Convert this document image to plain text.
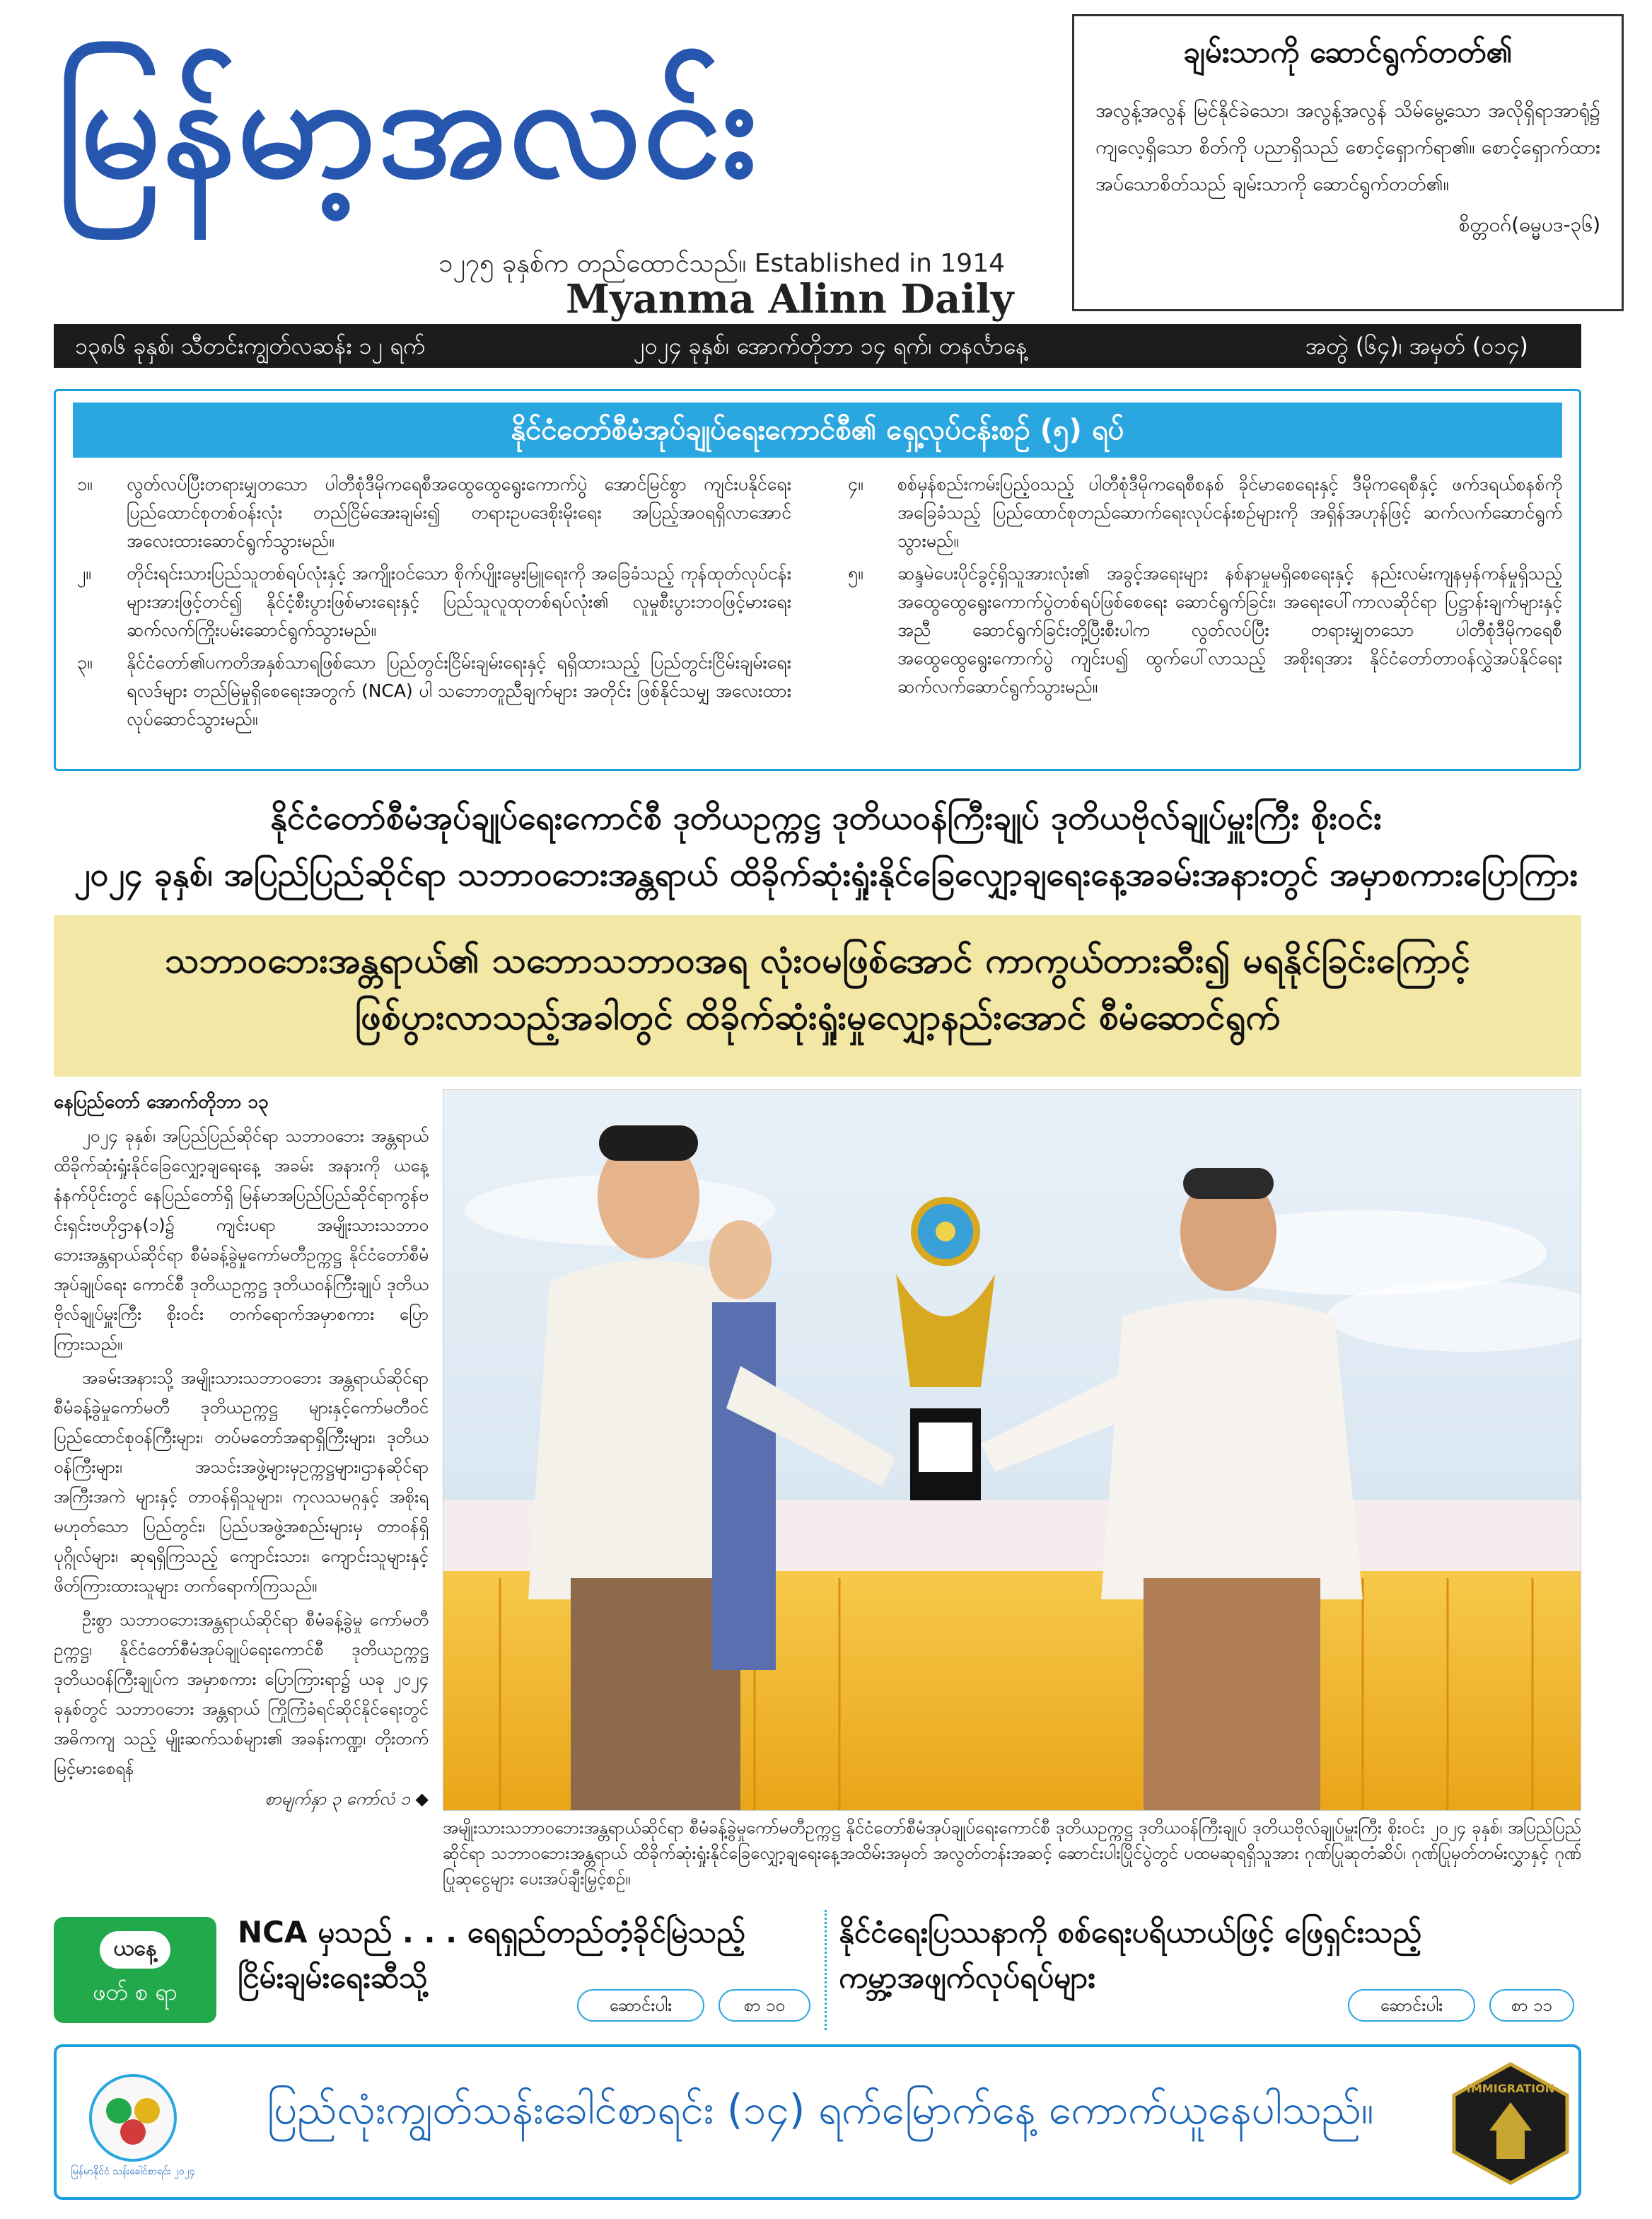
မြန်မာ့အလင်း
၁၂၇၅ ခုနှစ်က တည်ထောင်သည်။ Established in 1914
Myanma Alinn Daily
ချမ်းသာကို ဆောင်ရွက်တတ်၏
အလွန့်အလွန် မြင်နိုင်ခဲသော၊ အလွန့်အလွန် သိမ်မွေ့သော အလိုရှိရာအာရုံ၌ ကျလေ့ရှိသော စိတ်ကို ပညာရှိသည် စောင့်ရှောက်ရာ၏။ စောင့်ရှောက်ထားအပ်သောစိတ်သည် ချမ်းသာကို ဆောင်ရွက်တတ်၏။
စိတ္တဝဂ်(ဓမ္မပဒ-၃၆)
၁၃၈၆ ခုနှစ်၊ သီတင်းကျွတ်လဆန်း ၁၂ ရက်	၂၀၂၄ ခုနှစ်၊ အောက်တိုဘာ ၁၄ ရက်၊ တနင်္လာနေ့	အတွဲ (၆၄)၊ အမှတ် (၀၁၄)
နိုင်ငံတော်စီမံအုပ်ချုပ်ရေးကောင်စီ၏ ရှေ့လုပ်ငန်းစဉ် (၅) ရပ်
၁။ လွတ်လပ်ပြီးတရားမျှတသော ပါတီစုံဒီမိုကရေစီအထွေထွေရွေးကောက်ပွဲ အောင်မြင်စွာ ကျင်းပနိုင်ရေး ပြည်ထောင်စုတစ်ဝန်းလုံး တည်ငြိမ်အေးချမ်း၍ တရားဥပဒေစိုးမိုးရေး အပြည့်အဝရရှိလာအောင် အလေးထားဆောင်ရွက်သွားမည်။
၂။ တိုင်းရင်းသားပြည်သူတစ်ရပ်လုံးနှင့် အကျိုးဝင်သော စိုက်ပျိုးမွေးမြူရေးကို အခြေခံသည့် ကုန်ထုတ်လုပ်ငန်းများအားဖြင့်တင်၍ နိုင်ငံ့စီးပွားဖြစ်မားရေးနှင့် ပြည်သူလူထုတစ်ရပ်လုံး၏ လူမှုစီးပွားဘဝဖြင့်မားရေး ဆက်လက်ကြိုးပမ်းဆောင်ရွက်သွားမည်။
၃။ နိုင်ငံတော်၏ပကတိအနှစ်သာရဖြစ်သော ပြည်တွင်းငြိမ်းချမ်းရေးနှင့် ရရှိထားသည့် ပြည်တွင်းငြိမ်းချမ်းရေးရလဒ်များ တည်မြဲမှုရှိစေရေးအတွက် (NCA) ပါ သဘောတူညီချက်များ အတိုင်း ဖြစ်နိုင်သမျှ အလေးထားလုပ်ဆောင်သွားမည်။
၄။ စစ်မှန်စည်းကမ်းပြည့်ဝသည့် ပါတီစုံဒီမိုကရေစီစနစ် ခိုင်မာစေရေးနှင့် ဒီမိုကရေစီနှင့် ဖက်ဒရယ်စနစ်ကိုအခြေခံသည့် ပြည်ထောင်စုတည်ဆောက်ရေးလုပ်ငန်းစဉ်များကို အရှိန်အဟုန်ဖြင့် ဆက်လက်ဆောင်ရွက်သွားမည်။
၅။ ဆန္ဒမဲပေးပိုင်ခွင့်ရှိသူအားလုံး၏ အခွင့်အရေးများ နစ်နာမှုမရှိစေရေးနှင့် နည်းလမ်းကျနမှန်ကန်မှုရှိသည့် အထွေထွေရွေးကောက်ပွဲတစ်ရပ်ဖြစ်စေရေး ဆောင်ရွက်ခြင်း၊ အရေးပေါ်ကာလဆိုင်ရာ ပြဋ္ဌာန်းချက်များနှင့်အညီ ဆောင်ရွက်ခြင်းတို့ပြီးစီးပါက လွတ်လပ်ပြီး တရားမျှတသော ပါတီစုံဒီမိုကရေစီအထွေထွေရွေးကောက်ပွဲ ကျင်းပ၍ ထွက်ပေါ်လာသည့် အစိုးရအား နိုင်ငံတော်တာဝန်လွှဲအပ်နိုင်ရေး ဆက်လက်ဆောင်ရွက်သွားမည်။
နိုင်ငံတော်စီမံအုပ်ချုပ်ရေးကောင်စီ ဒုတိယဥက္ကဋ္ဌ ဒုတိယဝန်ကြီးချုပ် ဒုတိယဗိုလ်ချုပ်မှူးကြီး စိုးဝင်း
၂၀၂၄ ခုနှစ်၊ အပြည်ပြည်ဆိုင်ရာ သဘာဝဘေးအန္တရာယ် ထိခိုက်ဆုံးရှုံးနိုင်ခြေလျှော့ချရေးနေ့အခမ်းအနားတွင် အမှာစကားပြောကြား
သဘာဝဘေးအန္တရာယ်၏ သဘောသဘာဝအရ လုံးဝမဖြစ်အောင် ကာကွယ်တားဆီး၍ မရနိုင်ခြင်းကြောင့်
ဖြစ်ပွားလာသည့်အခါတွင် ထိခိုက်ဆုံးရှုံးမှုလျှော့နည်းအောင် စီမံဆောင်ရွက်
နေပြည်တော် အောက်တိုဘာ ၁၃

၂၀၂၄ ခုနှစ်၊ အပြည်ပြည်ဆိုင်ရာ သဘာဝဘေး အန္တရာယ်ထိခိုက်ဆုံးရှုံးနိုင်ခြေလျှော့ချရေးနေ့ အခမ်း အနားကို ယနေ့နံနက်ပိုင်းတွင် နေပြည်တော်ရှိ မြန်မာအပြည်ပြည်ဆိုင်ရာကွန်ဗင်းရှင်းဗဟိုဌာန(၁)၌ ကျင်းပရာ အမျိုးသားသဘာဝဘေးအန္တရာယ်ဆိုင်ရာ စီမံခန့်ခွဲမှုကော်မတီဥက္ကဋ္ဌ နိုင်ငံတော်စီမံအုပ်ချုပ်ရေး ကောင်စီ ဒုတိယဥက္ကဋ္ဌ ဒုတိယဝန်ကြီးချုပ် ဒုတိယ ဗိုလ်ချုပ်မှူးကြီး စိုးဝင်း တက်ရောက်အမှာစကား ပြောကြားသည်။

အခမ်းအနားသို့ အမျိုးသားသဘာဝဘေး အန္တရာယ်ဆိုင်ရာ စီမံခန့်ခွဲမှုကော်မတီ ဒုတိယဥက္ကဋ္ဌ များနှင့်ကော်မတီဝင် ပြည်ထောင်စုဝန်ကြီးများ၊ တပ်မတော်အရာရှိကြီးများ၊ ဒုတိယဝန်ကြီးများ၊ အသင်းအဖွဲ့များမှဥက္ကဋ္ဌများ၊ဌာနဆိုင်ရာအကြီးအကဲ များနှင့် တာဝန်ရှိသူများ၊ ကုလသမဂ္ဂနှင့် အစိုးရ မဟုတ်သော ပြည်တွင်း၊ ပြည်ပအဖွဲ့အစည်းများမှ တာဝန်ရှိပုဂ္ဂိုလ်များ၊ ဆုရရှိကြသည့် ကျောင်းသား၊ ကျောင်းသူများနှင့် ဖိတ်ကြားထားသူများ တက်ရောက်ကြသည်။

ဦးစွာ သဘာဝဘေးအန္တရာယ်ဆိုင်ရာ စီမံခန့်ခွဲမှု ကော်မတီဥက္ကဋ္ဌ၊ နိုင်ငံတော်စီမံအုပ်ချုပ်ရေးကောင်စီ ဒုတိယဥက္ကဋ္ဌ ဒုတိယဝန်ကြီးချုပ်က အမှာစကား ပြောကြားရာ၌ ယခု ၂၀၂၄ ခုနှစ်တွင် သဘာဝဘေး အန္တရာယ် ကြိုကြံခံရင်ဆိုင်နိုင်ရေးတွင် အဓိကကျ သည့် မျိုးဆက်သစ်များ၏ အခန်းကဏ္ဍ၊ တိုးတက် မြင့်မားစေရန်

စာမျက်နှာ ၃ ကော်လံ ၁ ◆
အမျိုးသားသဘာဝဘေးအန္တရာယ်ဆိုင်ရာ စီမံခန့်ခွဲမှုကော်မတီဥက္ကဋ္ဌ နိုင်ငံတော်စီမံအုပ်ချုပ်ရေးကောင်စီ ဒုတိယဥက္ကဋ္ဌ ဒုတိယဝန်ကြီးချုပ် ဒုတိယဗိုလ်ချုပ်မှူးကြီး စိုးဝင်း ၂၀၂၄ ခုနှစ်၊ အပြည်ပြည်ဆိုင်ရာ သဘာဝဘေးအန္တရာယ် ထိခိုက်ဆုံးရှုံးနိုင်ခြေလျှော့ချရေးနေ့အထိမ်းအမှတ် အလွတ်တန်းအဆင့် ဆောင်းပါးပြိုင်ပွဲတွင် ပထမဆုရရှိသူအား ဂုဏ်ပြုဆုတံဆိပ်၊ ဂုဏ်ပြုမှတ်တမ်းလွှာနှင့် ဂုဏ်ပြုဆုငွေများ ပေးအပ်ချီးမြှင့်စဉ်။
ယနေ့
ဖတ် စ ရာ
NCA မှသည် . . . ရေရှည်တည်တံ့ခိုင်မြဲသည့်
ငြိမ်းချမ်းရေးဆီသို့
ဆောင်းပါး	စာ ၁၀
နိုင်ငံရေးပြဿနာကို စစ်ရေးပရိယာယ်ဖြင့် ဖြေရှင်းသည့်
ကမ္ဘာ့အဖျက်လုပ်ရပ်များ
ဆောင်းပါး	စာ ၁၁
မြန်မာနိုင်ငံ သန်းခေါင်စာရင်း ၂၀၂၄
ပြည်လုံးကျွတ်သန်းခေါင်စာရင်း (၁၄) ရက်မြောက်နေ့ ကောက်ယူနေပါသည်။	IMMIGRATION
